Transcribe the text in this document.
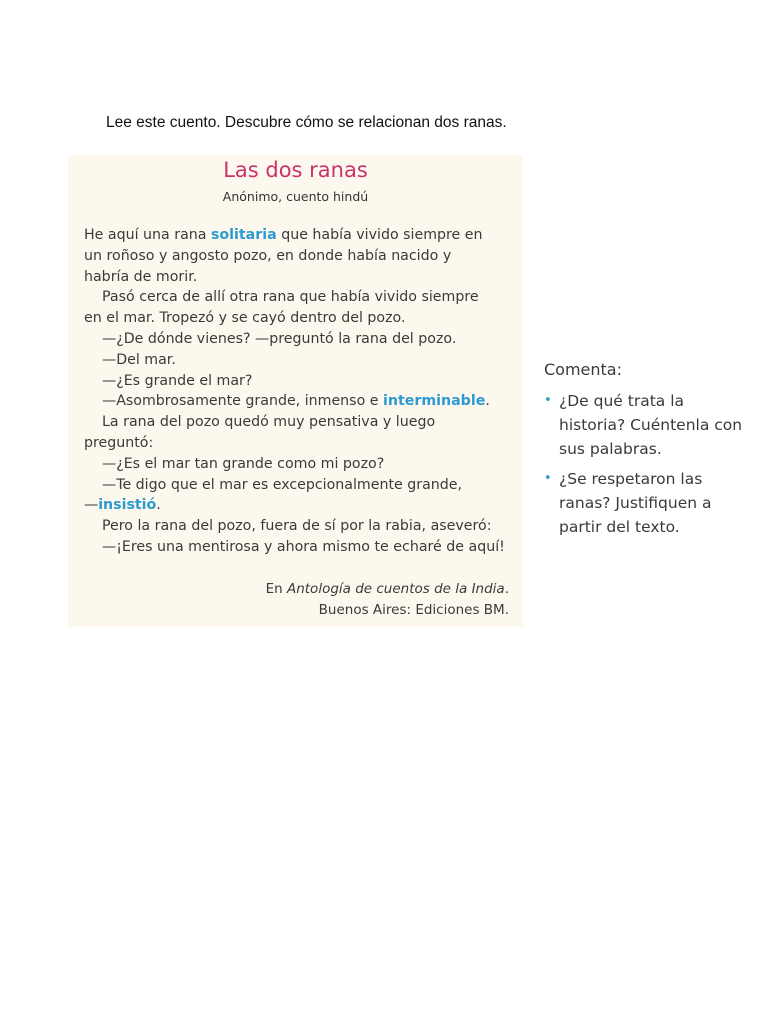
Lee este cuento. Descubre cómo se relacionan dos ranas.
Las dos ranas
Anónimo, cuento hindú

He aquí una rana solitaria que había vivido siempre en

un roñoso y angosto pozo, en donde había nacido y

habría de morir.

Pasó cerca de allí otra rana que había vivido siempre

en el mar. Tropezó y se cayó dentro del pozo.

—¿De dónde vienes? —preguntó la rana del pozo.

—Del mar.

—¿Es grande el mar?

—Asombrosamente grande, inmenso e interminable.

La rana del pozo quedó muy pensativa y luego

preguntó:

—¿Es el mar tan grande como mi pozo?

—Te digo que el mar es excepcionalmente grande,

—insistió.

Pero la rana del pozo, fuera de sí por la rabia, aseveró:

—¡Eres una mentirosa y ahora mismo te echaré de aquí!

En Antología de cuentos de la India.

Buenos Aires: Ediciones BM.

Comenta:
• ¿De qué trata la historia? Cuéntenla con sus palabras.
• ¿Se respetaron las ranas? Justifiquen a partir del texto.
